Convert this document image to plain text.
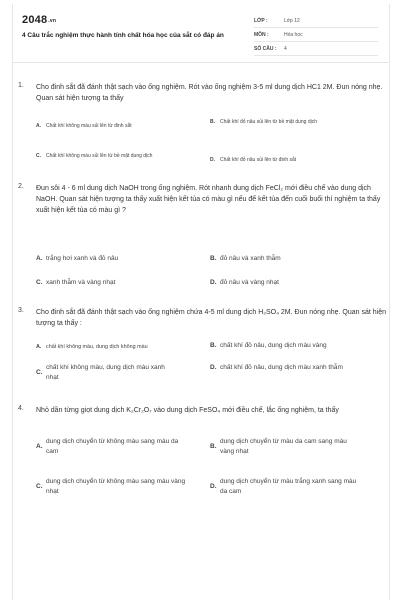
$2048^{.vn}$
4 Câu trắc nghiệm thực hành tính chất hóa học của sắt có đáp án
LỚP :	Lớp 12
MÔN :	Hóa học
SỐ CÂU :	4
1. Cho đinh sắt đã đánh thật sạch vào ống nghiệm. Rót vào ống nghiệm 3-5 ml dung dịch HC1 2M. Đun nóng nhẹ. Quan sát hiện tượng ta thấy
A.	Chất khí không màu sủi lên từ đinh sắt
B.	Chất khí đỏ nâu sủi lên từ bề mặt dung dịch
C.	Chất khí không màu sủi lên từ bề mặt dung dịch
D.	Chất khí đỏ nâu sủi lên từ đinh sắt
2. Đun sôi 4 - 6 ml dung dịch NaOH trong ống nghiệm. Rót nhanh dung dịch FeCl₂ mới điều chế vào dung dịch NaOH. Quan sát hiện tượng ta thấy xuất hiện kết tủa có màu gì nếu để kết tủa đến cuối buổi thí nghiệm ta thấy xuất hiện kết tủa có màu gì ?
A. trắng hơi xanh và đỏ nâu	B. đỏ nâu và xanh thẫm
C. xanh thẫm và vàng nhạt	D. đỏ nâu và vàng nhạt
3. Cho đinh sắt đã đánh thật sạch vào ống nghiệm chứa 4-5 ml dung dịch H₂SO₄ 2M. Đun nóng nhẹ. Quan sát hiện tượng ta thấy :
A. chất khí không màu, dung dịch không màu	B. chất khí đỏ nâu, dung dịch màu vàng
C.
chất khí không màu, dung dịch màu xanh nhạt
D. chất khí đỏ nâu, dung dịch màu xanh thẫm
4. Nhỏ dần từng giọt dung dịch K₂Cr₂O₇ vào dung dịch FeSO₄ mới điều chế, lắc ống nghiệm, ta thấy
A.
dung dịch chuyển từ không màu sang màu da cam
B.
dung dịch chuyển từ màu da cam sang màu vàng nhạt
C.
dung dịch chuyển từ không màu sang màu vàng nhạt
D.
dung dịch chuyển từ màu trắng xanh sang màu da cam
